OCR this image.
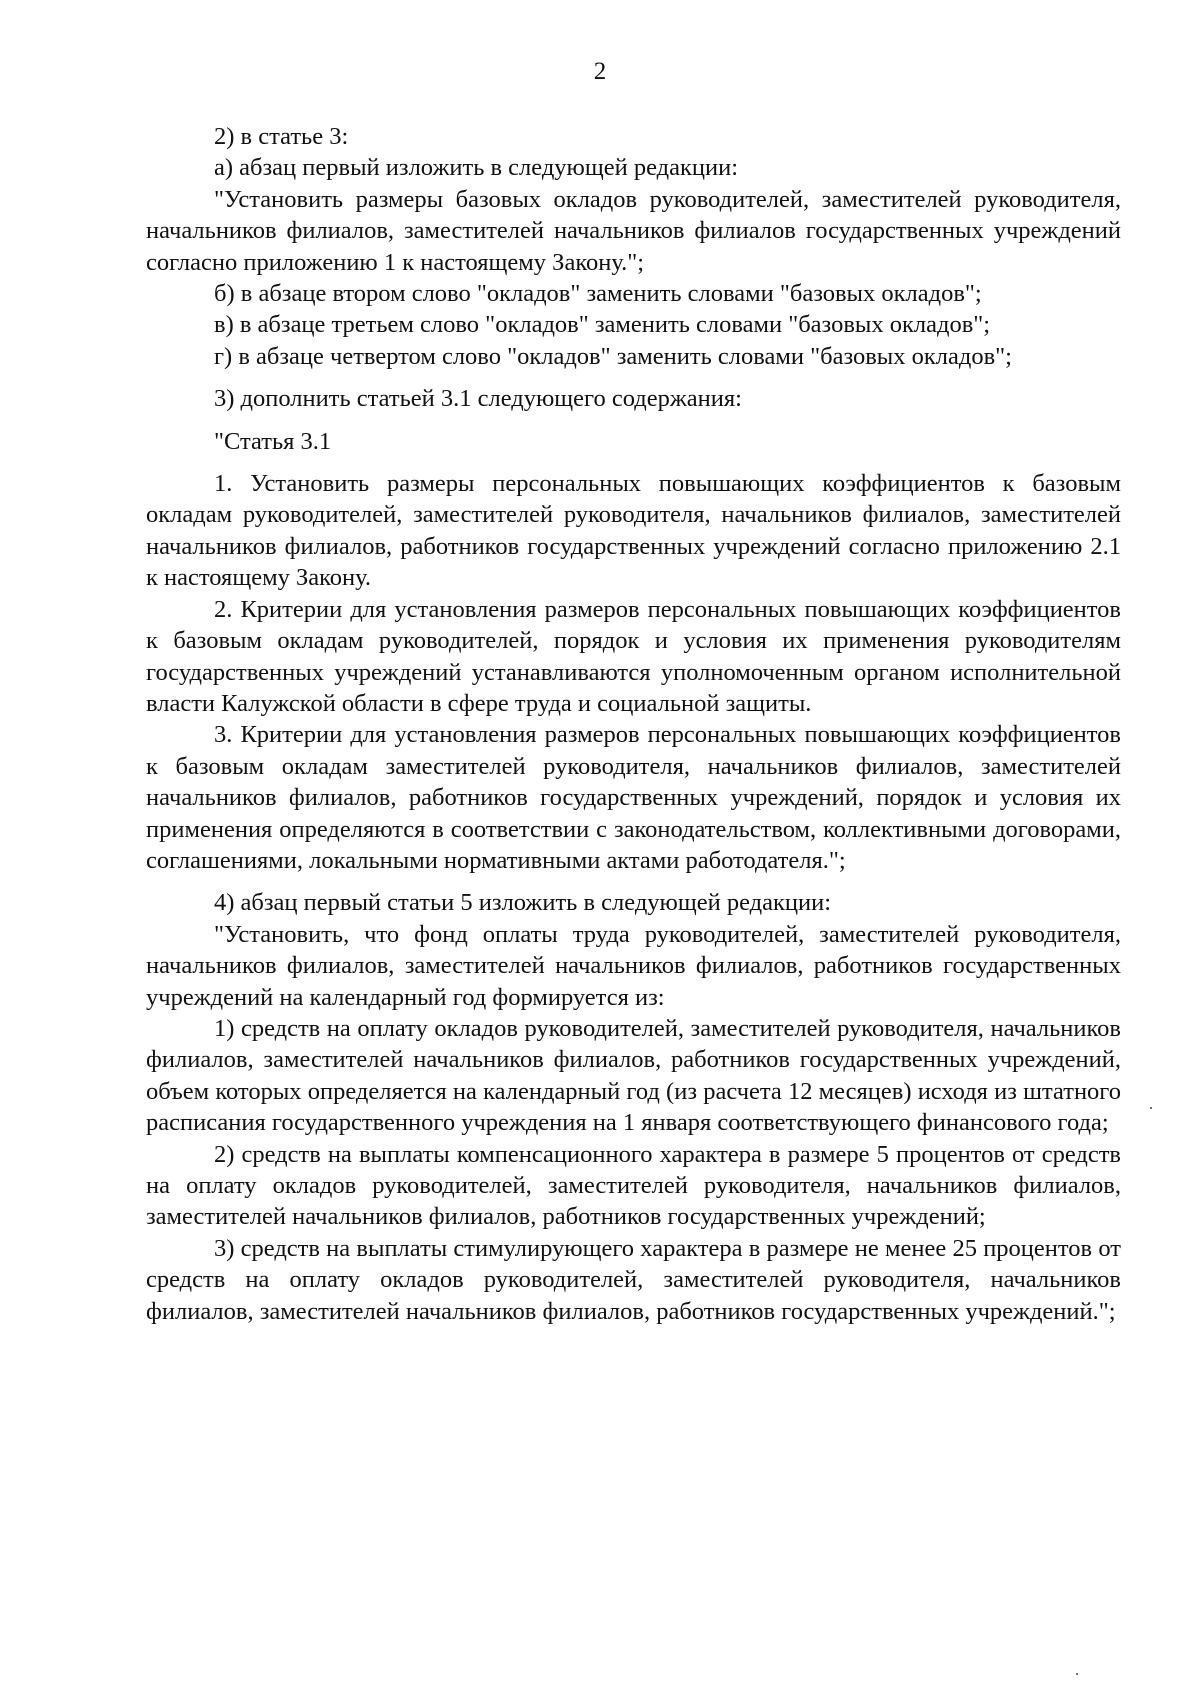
2

2) в статье 3:

а) абзац первый изложить в следующей редакции:

"Установить размеры базовых окладов руководителей, заместителей руководителя, начальников филиалов, заместителей начальников филиалов государственных учреждений согласно приложению 1 к настоящему Закону.";

б) в абзаце втором слово "окладов" заменить словами "базовых окладов";

в) в абзаце третьем слово "окладов" заменить словами "базовых окладов";

г) в абзаце четвертом слово "окладов" заменить словами "базовых окладов";

3) дополнить статьей 3.1 следующего содержания:

"Статья 3.1

1. Установить размеры персональных повышающих коэффициентов к базовым окладам руководителей, заместителей руководителя, начальников филиалов, заместителей начальников филиалов, работников государственных учреждений согласно приложению 2.1 к настоящему Закону.

2. Критерии для установления размеров персональных повышающих коэффициентов к базовым окладам руководителей, порядок и условия их применения руководителям государственных учреждений устанавливаются уполномоченным органом исполнительной власти Калужской области в сфере труда и социальной защиты.

3. Критерии для установления размеров персональных повышающих коэффициентов к базовым окладам заместителей руководителя, начальников филиалов, заместителей начальников филиалов, работников государственных учреждений, порядок и условия их применения определяются в соответствии с законодательством, коллективными договорами, соглашениями, локальными нормативными актами работодателя.";

4) абзац первый статьи 5 изложить в следующей редакции:

"Установить, что фонд оплаты труда руководителей, заместителей руководителя, начальников филиалов, заместителей начальников филиалов, работников государственных учреждений на календарный год формируется из:

1) средств на оплату окладов руководителей, заместителей руководителя, начальников филиалов, заместителей начальников филиалов, работников государственных учреждений, объем которых определяется на календарный год (из расчета 12 месяцев) исходя из штатного расписания государственного учреждения на 1 января соответствующего финансового года;

2) средств на выплаты компенсационного характера в размере 5 процентов от средств на оплату окладов руководителей, заместителей руководителя, начальников филиалов, заместителей начальников филиалов, работников государственных учреждений;

3) средств на выплаты стимулирующего характера в размере не менее 25 процентов от средств на оплату окладов руководителей, заместителей руководителя, начальников филиалов, заместителей начальников филиалов, работников государственных учреждений.";

·
·
